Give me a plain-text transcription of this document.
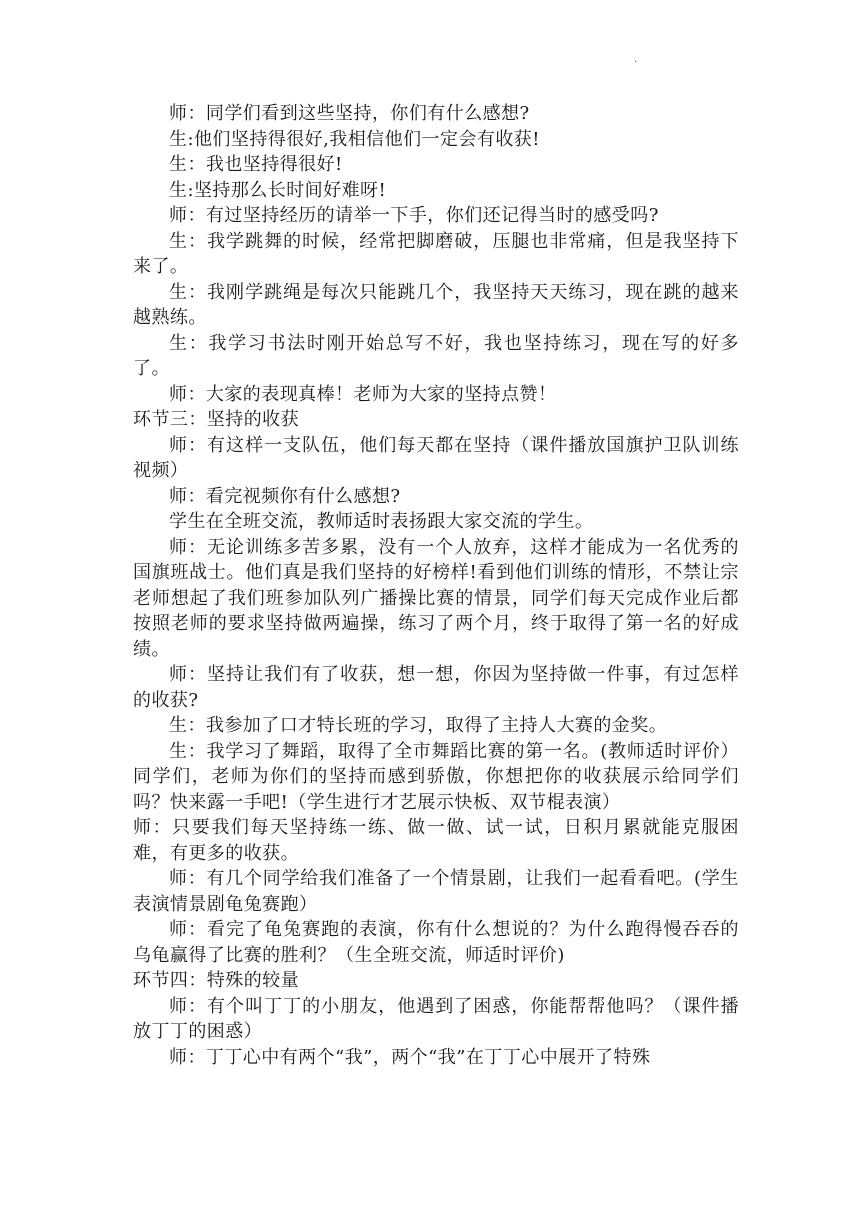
.

师：同学们看到这些坚持，你们有什么感想?

生:他们坚持得很好,我相信他们一定会有收获!

生：我也坚持得很好!

生:坚持那么长时间好难呀!

师：有过坚持经历的请举一下手，你们还记得当时的感受吗?

生：我学跳舞的时候，经常把脚磨破，压腿也非常痛，但是我坚持下来了。

生：我刚学跳绳是每次只能跳几个，我坚持天天练习，现在跳的越来越熟练。

生：我学习书法时刚开始总写不好，我也坚持练习，现在写的好多了。

师：大家的表现真棒！老师为大家的坚持点赞！

环节三：坚持的收获

师：有这样一支队伍，他们每天都在坚持（课件播放国旗护卫队训练视频）

师：看完视频你有什么感想?

学生在全班交流，教师适时表扬跟大家交流的学生。

师：无论训练多苦多累，没有一个人放弃，这样才能成为一名优秀的国旗班战士。他们真是我们坚持的好榜样!看到他们训练的情形，不禁让宗老师想起了我们班参加队列广播操比赛的情景，同学们每天完成作业后都按照老师的要求坚持做两遍操，练习了两个月，终于取得了第一名的好成绩。

师：坚持让我们有了收获，想一想，你因为坚持做一件事，有过怎样的收获?

生：我参加了口才特长班的学习，取得了主持人大赛的金奖。

生：我学习了舞蹈，取得了全市舞蹈比赛的第一名。(教师适时评价）同学们，老师为你们的坚持而感到骄傲，你想把你的收获展示给同学们吗？快来露一手吧!（学生进行才艺展示快板、双节棍表演）

师：只要我们每天坚持练一练、做一做、试一试，日积月累就能克服困难，有更多的收获。

师：有几个同学给我们准备了一个情景剧，让我们一起看看吧。(学生表演情景剧龟兔赛跑）

师：看完了龟兔赛跑的表演，你有什么想说的？为什么跑得慢吞吞的乌龟赢得了比赛的胜利？（生全班交流，师适时评价)

环节四：特殊的较量

师：有个叫丁丁的小朋友，他遇到了困惑，你能帮帮他吗？（课件播放丁丁的困惑）

师：丁丁心中有两个“我”，两个“我”在丁丁心中展开了特殊
